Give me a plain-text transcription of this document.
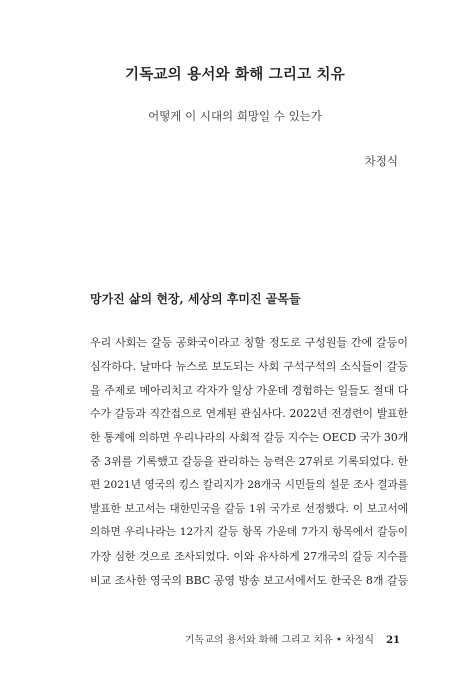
기독교의 용서와 화해 그리고 치유
어떻게 이 시대의 희망일 수 있는가
차정식
망가진 삶의 현장, 세상의 후미진 골목들
우리 사회는 갈등 공화국이라고 칭할 정도로 구성원들 간에 갈등이
심각하다. 날마다 뉴스로 보도되는 사회 구석구석의 소식들이 갈등
을 주제로 메아리치고 각자가 일상 가운데 경험하는 일들도 절대 다
수가 갈등과 직간접으로 연계된 관심사다. 2022년 전경련이 발표한
한 통계에 의하면 우리나라의 사회적 갈등 지수는 OECD 국가 30개
중 3위를 기록했고 갈등을 관리하는 능력은 27위로 기록되었다. 한
편 2021년 영국의 킹스 칼리지가 28개국 시민들의 설문 조사 결과를
발표한 보고서는 대한민국을 갈등 1위 국가로 선정했다. 이 보고서에
의하면 우리나라는 12가지 갈등 항목 가운데 7가지 항목에서 갈등이
가장 심한 것으로 조사되었다. 이와 유사하게 27개국의 갈등 지수를
비교 조사한 영국의 BBC 공영 방송 보고서에서도 한국은 8개 갈등
기독교의 용서와 화해 그리고 치유 • 차정식 21
